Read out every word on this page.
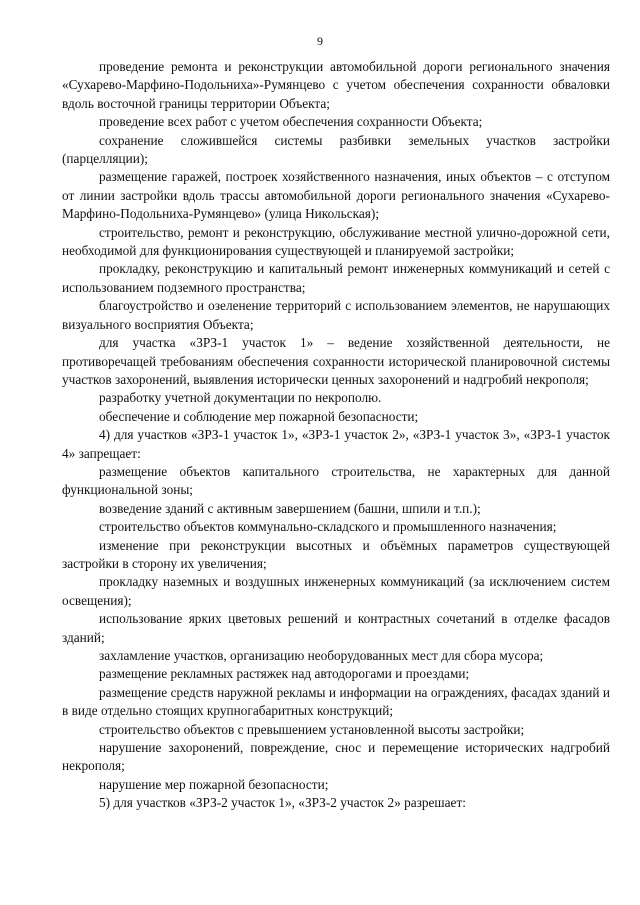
9

проведение ремонта и реконструкции автомобильной дороги регионального значения «Сухарево-Марфино-Подольниха»-Румянцево с учетом обеспечения сохранности обваловки вдоль восточной границы территории Объекта;

проведение всех работ с учетом обеспечения сохранности Объекта;

сохранение сложившейся системы разбивки земельных участков застройки (парцелляции);

размещение гаражей, построек хозяйственного назначения, иных объектов – с отступом от линии застройки вдоль трассы автомобильной дороги регионального значения «Сухарево-Марфино-Подольниха-Румянцево» (улица Никольская);

строительство, ремонт и реконструкцию, обслуживание местной улично-дорожной сети, необходимой для функционирования существующей и планируемой застройки;

прокладку, реконструкцию и капитальный ремонт инженерных коммуникаций и сетей с использованием подземного пространства;

благоустройство и озеленение территорий с использованием элементов, не нарушающих визуального восприятия Объекта;

для участка «ЗРЗ-1 участок 1» – ведение хозяйственной деятельности, не противоречащей требованиям обеспечения сохранности исторической планировочной системы участков захоронений, выявления исторически ценных захоронений и надгробий некрополя;

разработку учетной документации по некрополю.

обеспечение и соблюдение мер пожарной безопасности;

4) для участков «ЗРЗ-1 участок 1», «ЗРЗ-1 участок 2», «ЗРЗ-1 участок 3», «ЗРЗ-1 участок 4» запрещает:

размещение объектов капитального строительства, не характерных для данной функциональной зоны;

возведение зданий с активным завершением (башни, шпили и т.п.);

строительство объектов коммунально-складского и промышленного назначения;

изменение при реконструкции высотных и объёмных параметров существующей застройки в сторону их увеличения;

прокладку наземных и воздушных инженерных коммуникаций (за исключением систем освещения);

использование ярких цветовых решений и контрастных сочетаний в отделке фасадов зданий;

захламление участков, организацию необорудованных мест для сбора мусора;

размещение рекламных растяжек над автодорогами и проездами;

размещение средств наружной рекламы и информации на ограждениях, фасадах зданий и в виде отдельно стоящих крупногабаритных конструкций;

строительство объектов с превышением установленной высоты застройки;

нарушение захоронений, повреждение, снос и перемещение исторических надгробий некрополя;

нарушение мер пожарной безопасности;

5) для участков «ЗРЗ-2 участок 1», «ЗРЗ-2 участок 2» разрешает:
